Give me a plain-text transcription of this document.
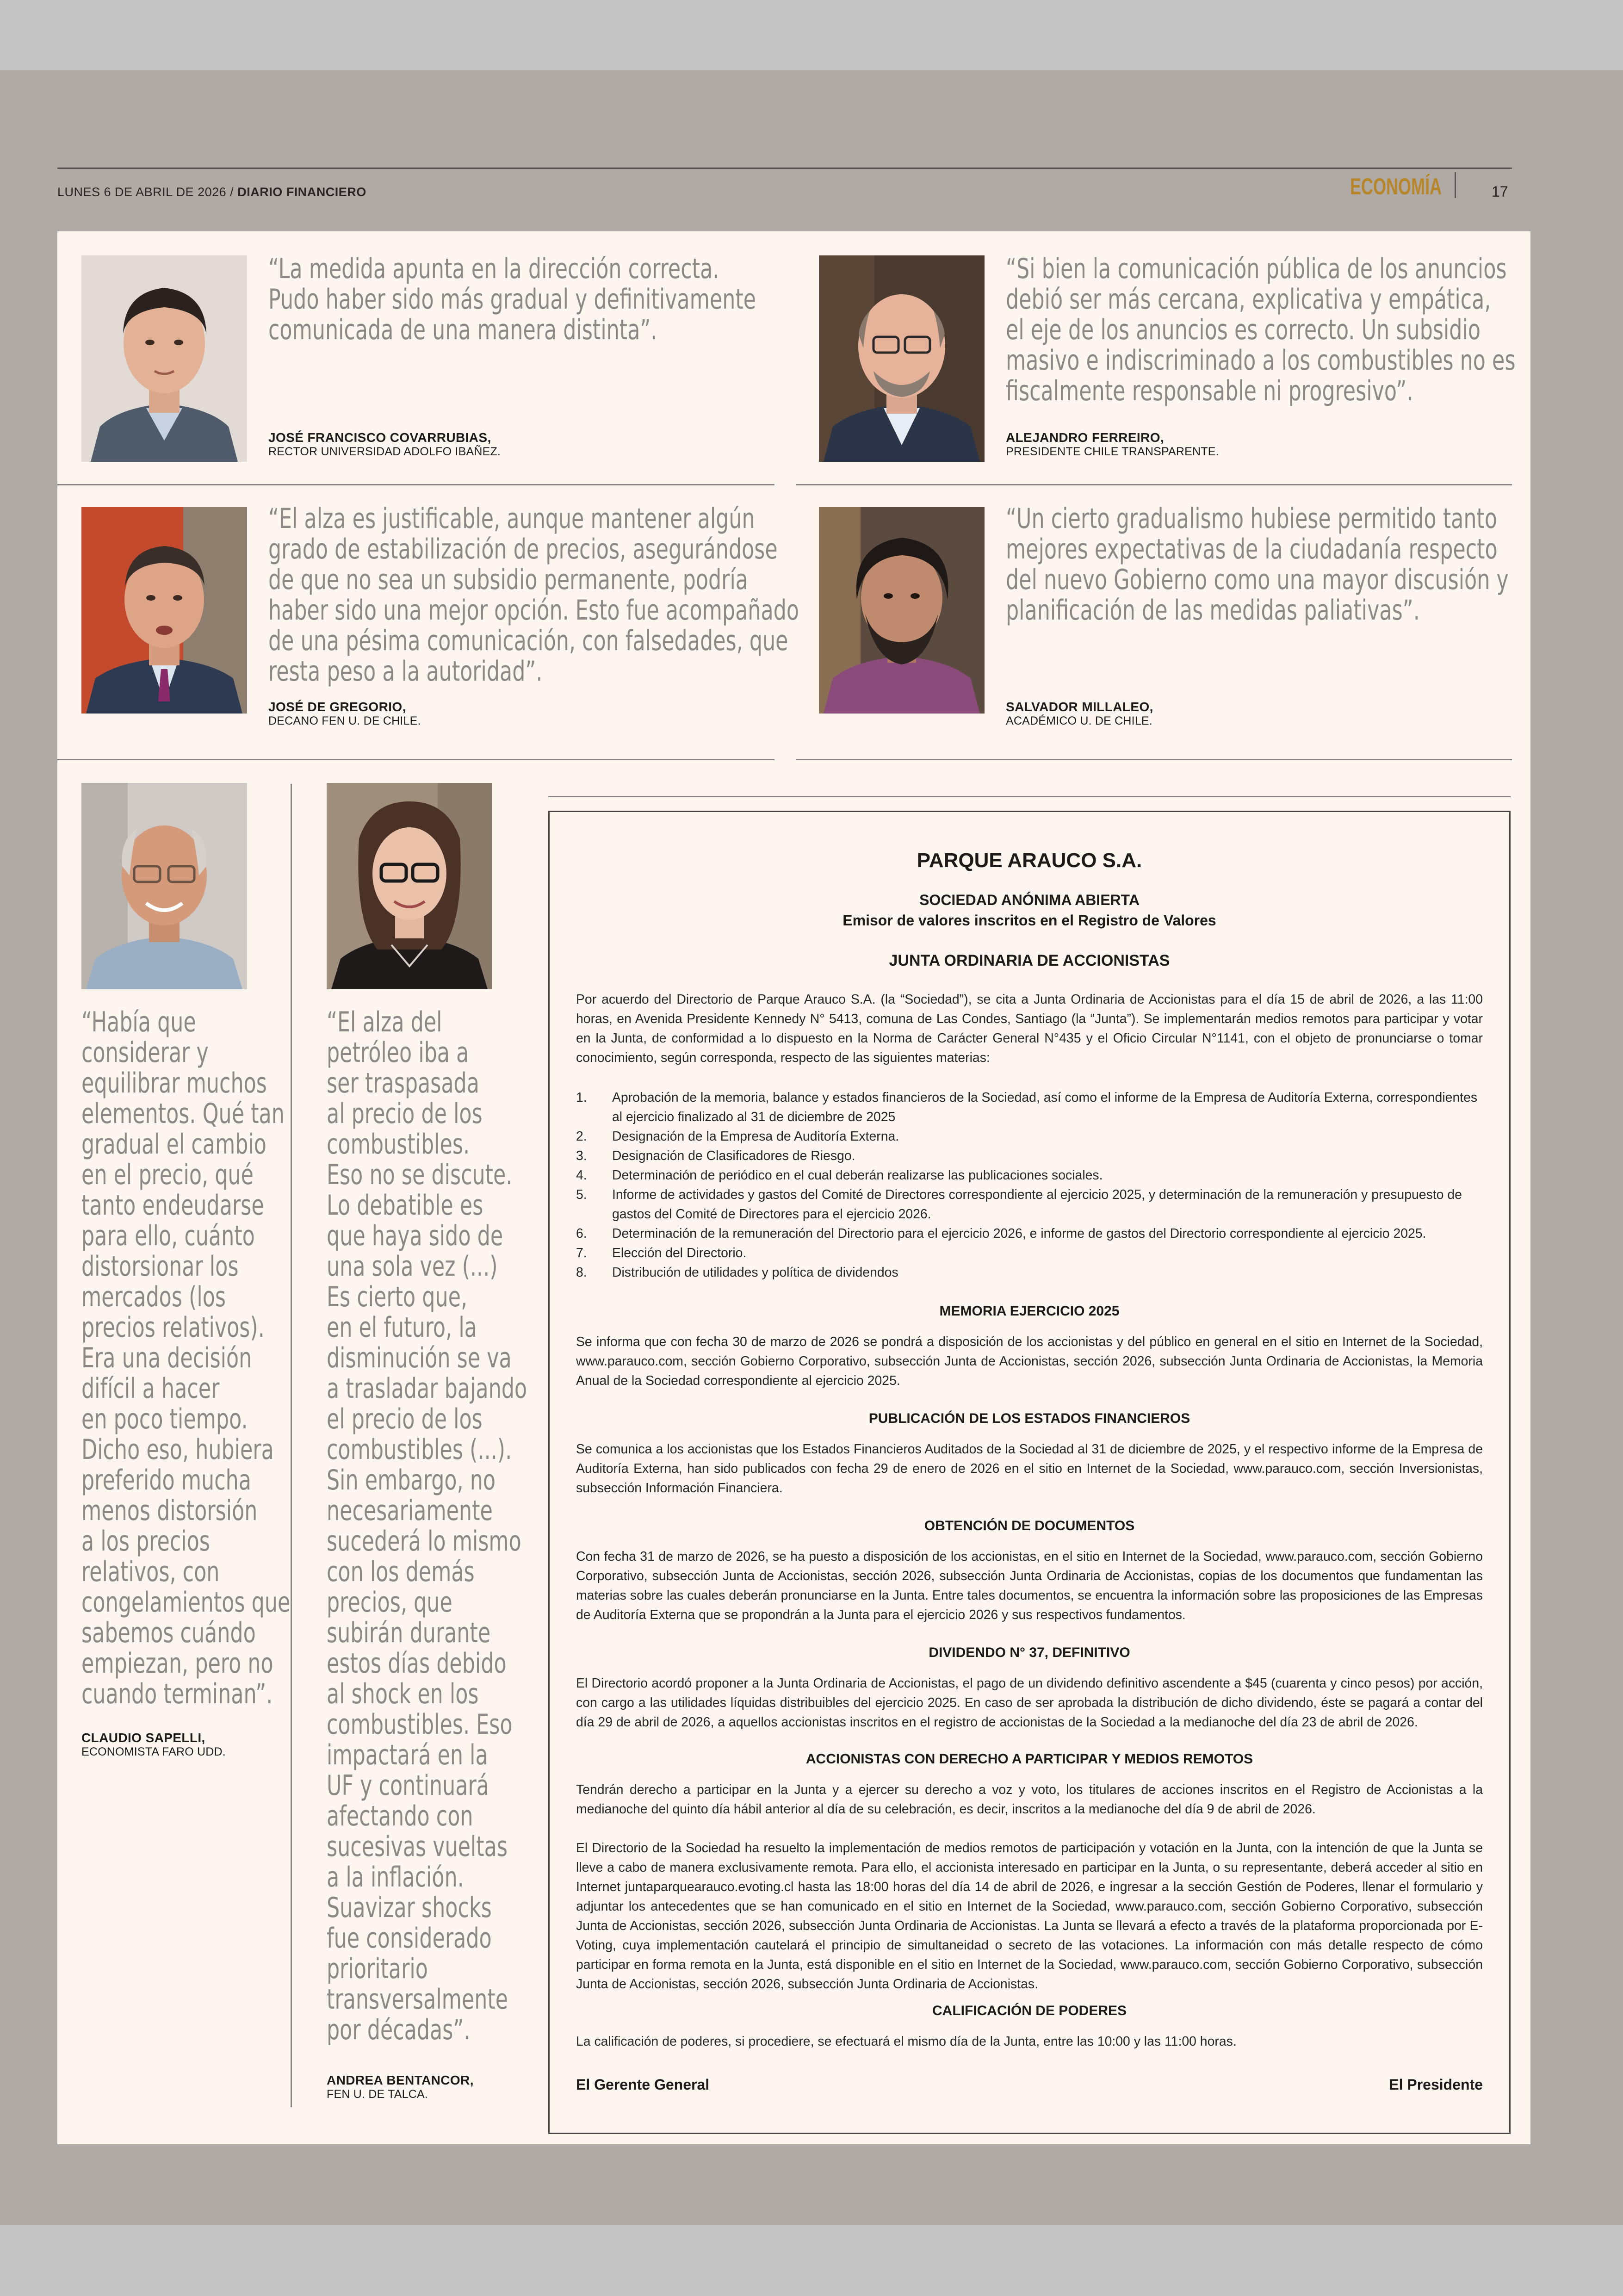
LUNES 6 DE ABRIL DE 2026 / DIARIO FINANCIERO	ECONOMÍA	17
“La medida apunta en la dirección correcta.
Pudo haber sido más gradual y definitivamente
comunicada de una manera distinta”.
JOSÉ FRANCISCO COVARRUBIAS,
RECTOR UNIVERSIDAD ADOLFO IBAÑEZ.
“Si bien la comunicación pública de los anuncios
debió ser más cercana, explicativa y empática,
el eje de los anuncios es correcto. Un subsidio
masivo e indiscriminado a los combustibles no es
fiscalmente responsable ni progresivo”.
ALEJANDRO FERREIRO,
PRESIDENTE CHILE TRANSPARENTE.
“El alza es justificable, aunque mantener algún
grado de estabilización de precios, asegurándose
de que no sea un subsidio permanente, podría
haber sido una mejor opción. Esto fue acompañado
de una pésima comunicación, con falsedades, que
resta peso a la autoridad”.
JOSÉ DE GREGORIO,
DECANO FEN U. DE CHILE.
“Un cierto gradualismo hubiese permitido tanto
mejores expectativas de la ciudadanía respecto
del nuevo Gobierno como una mayor discusión y
planificación de las medidas paliativas”.
SALVADOR MILLALEO,
ACADÉMICO U. DE CHILE.
“Había que
considerar y
equilibrar muchos
elementos. Qué tan
gradual el cambio
en el precio, qué
tanto endeudarse
para ello, cuánto
distorsionar los
mercados (los
precios relativos).
Era una decisión
difícil a hacer
en poco tiempo.
Dicho eso, hubiera
preferido mucha
menos distorsión
a los precios
relativos, con
congelamientos que
sabemos cuándo
empiezan, pero no
cuando terminan”.
CLAUDIO SAPELLI,
ECONOMISTA FARO UDD.
“El alza del
petróleo iba a
ser traspasada
al precio de los
combustibles.
Eso no se discute.
Lo debatible es
que haya sido de
una sola vez (...)
Es cierto que,
en el futuro, la
disminución se va
a trasladar bajando
el precio de los
combustibles (...).
Sin embargo, no
necesariamente
sucederá lo mismo
con los demás
precios, que
subirán durante
estos días debido
al shock en los
combustibles. Eso
impactará en la
UF y continuará
afectando con
sucesivas vueltas
a la inflación.
Suavizar shocks
fue considerado
prioritario
transversalmente
por décadas”.
ANDREA BENTANCOR,
FEN U. DE TALCA.
PARQUE ARAUCO S.A.
SOCIEDAD ANÓNIMA ABIERTA
Emisor de valores inscritos en el Registro de Valores
JUNTA ORDINARIA DE ACCIONISTAS
Por acuerdo del Directorio de Parque Arauco S.A. (la “Sociedad”), se cita a Junta Ordinaria de Accionistas para el día 15 de abril de 2026, a las 11:00 horas, en Avenida Presidente Kennedy N° 5413, comuna de Las Condes, Santiago (la “Junta”). Se implementarán medios remotos para participar y votar en la Junta, de conformidad a lo dispuesto en la Norma de Carácter General N°435 y el Oficio Circular N°1141, con el objeto de pronunciarse o tomar conocimiento, según corresponda, respecto de las siguientes materias:
1.	Aprobación de la memoria, balance y estados financieros de la Sociedad, así como el informe de la Empresa de Auditoría Externa, correspondientes al ejercicio finalizado al 31 de diciembre de 2025
2.	Designación de la Empresa de Auditoría Externa.
3.	Designación de Clasificadores de Riesgo.
4.	Determinación de periódico en el cual deberán realizarse las publicaciones sociales.
5.	Informe de actividades y gastos del Comité de Directores correspondiente al ejercicio 2025, y determinación de la remuneración y presupuesto de gastos del Comité de Directores para el ejercicio 2026.
6.	Determinación de la remuneración del Directorio para el ejercicio 2026, e informe de gastos del Directorio correspondiente al ejercicio 2025.
7.	Elección del Directorio.
8.	Distribución de utilidades y política de dividendos
MEMORIA EJERCICIO 2025
Se informa que con fecha 30 de marzo de 2026 se pondrá a disposición de los accionistas y del público en general en el sitio en Internet de la Sociedad, www.parauco.com, sección Gobierno Corporativo, subsección Junta de Accionistas, sección 2026, subsección Junta Ordinaria de Accionistas, la Memoria Anual de la Sociedad correspondiente al ejercicio 2025.
PUBLICACIÓN DE LOS ESTADOS FINANCIEROS
Se comunica a los accionistas que los Estados Financieros Auditados de la Sociedad al 31 de diciembre de 2025, y el respectivo informe de la Empresa de Auditoría Externa, han sido publicados con fecha 29 de enero de 2026 en el sitio en Internet de la Sociedad, www.parauco.com, sección Inversionistas, subsección Información Financiera.
OBTENCIÓN DE DOCUMENTOS
Con fecha 31 de marzo de 2026, se ha puesto a disposición de los accionistas, en el sitio en Internet de la Sociedad, www.parauco.com, sección Gobierno Corporativo, subsección Junta de Accionistas, sección 2026, subsección Junta Ordinaria de Accionistas, copias de los documentos que fundamentan las materias sobre las cuales deberán pronunciarse en la Junta. Entre tales documentos, se encuentra la información sobre las proposiciones de las Empresas de Auditoría Externa que se propondrán a la Junta para el ejercicio 2026 y sus respectivos fundamentos.
DIVIDENDO N° 37, DEFINITIVO
El Directorio acordó proponer a la Junta Ordinaria de Accionistas, el pago de un dividendo definitivo ascendente a $45 (cuarenta y cinco pesos) por acción, con cargo a las utilidades líquidas distribuibles del ejercicio 2025. En caso de ser aprobada la distribución de dicho dividendo, éste se pagará a contar del día 29 de abril de 2026, a aquellos accionistas inscritos en el registro de accionistas de la Sociedad a la medianoche del día 23 de abril de 2026.
ACCIONISTAS CON DERECHO A PARTICIPAR Y MEDIOS REMOTOS
Tendrán derecho a participar en la Junta y a ejercer su derecho a voz y voto, los titulares de acciones inscritos en el Registro de Accionistas a la medianoche del quinto día hábil anterior al día de su celebración, es decir, inscritos a la medianoche del día 9 de abril de 2026.
El Directorio de la Sociedad ha resuelto la implementación de medios remotos de participación y votación en la Junta, con la intención de que la Junta se lleve a cabo de manera exclusivamente remota. Para ello, el accionista interesado en participar en la Junta, o su representante, deberá acceder al sitio en Internet juntaparquearauco.evoting.cl hasta las 18:00 horas del día 14 de abril de 2026, e ingresar a la sección Gestión de Poderes, llenar el formulario y adjuntar los antecedentes que se han comunicado en el sitio en Internet de la Sociedad, www.parauco.com, sección Gobierno Corporativo, subsección Junta de Accionistas, sección 2026, subsección Junta Ordinaria de Accionistas. La Junta se llevará a efecto a través de la plataforma proporcionada por E-Voting, cuya implementación cautelará el principio de simultaneidad o secreto de las votaciones. La información con más detalle respecto de cómo participar en forma remota en la Junta, está disponible en el sitio en Internet de la Sociedad, www.parauco.com, sección Gobierno Corporativo, subsección Junta de Accionistas, sección 2026, subsección Junta Ordinaria de Accionistas.
CALIFICACIÓN DE PODERES
La calificación de poderes, si procediere, se efectuará el mismo día de la Junta, entre las 10:00 y las 11:00 horas.
El Gerente General	El Presidente
